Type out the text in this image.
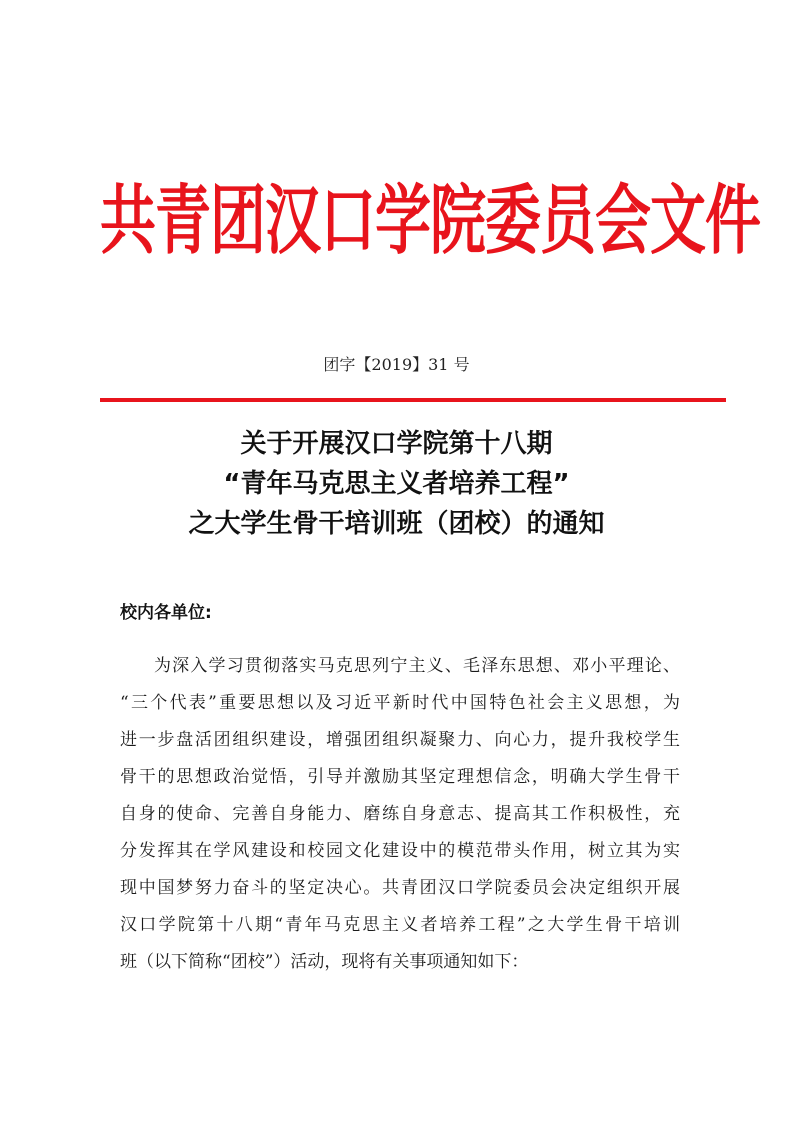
共青团汉口学院委员会文件
团字【2019】31 号
关于开展汉口学院第十八期
“青年马克思主义者培养工程”
之大学生骨干培训班（团校）的通知
校内各单位:
为深入学习贯彻落实马克思列宁主义、毛泽东思想、邓小平理论、
“三个代表”重要思想以及习近平新时代中国特色社会主义思想，为
进一步盘活团组织建设，增强团组织凝聚力、向心力，提升我校学生
骨干的思想政治觉悟，引导并激励其坚定理想信念，明确大学生骨干
自身的使命、完善自身能力、磨练自身意志、提高其工作积极性，充
分发挥其在学风建设和校园文化建设中的模范带头作用，树立其为实
现中国梦努力奋斗的坚定决心。共青团汉口学院委员会决定组织开展
汉口学院第十八期“青年马克思主义者培养工程”之大学生骨干培训
班（以下简称“团校”）活动，现将有关事项通知如下：
